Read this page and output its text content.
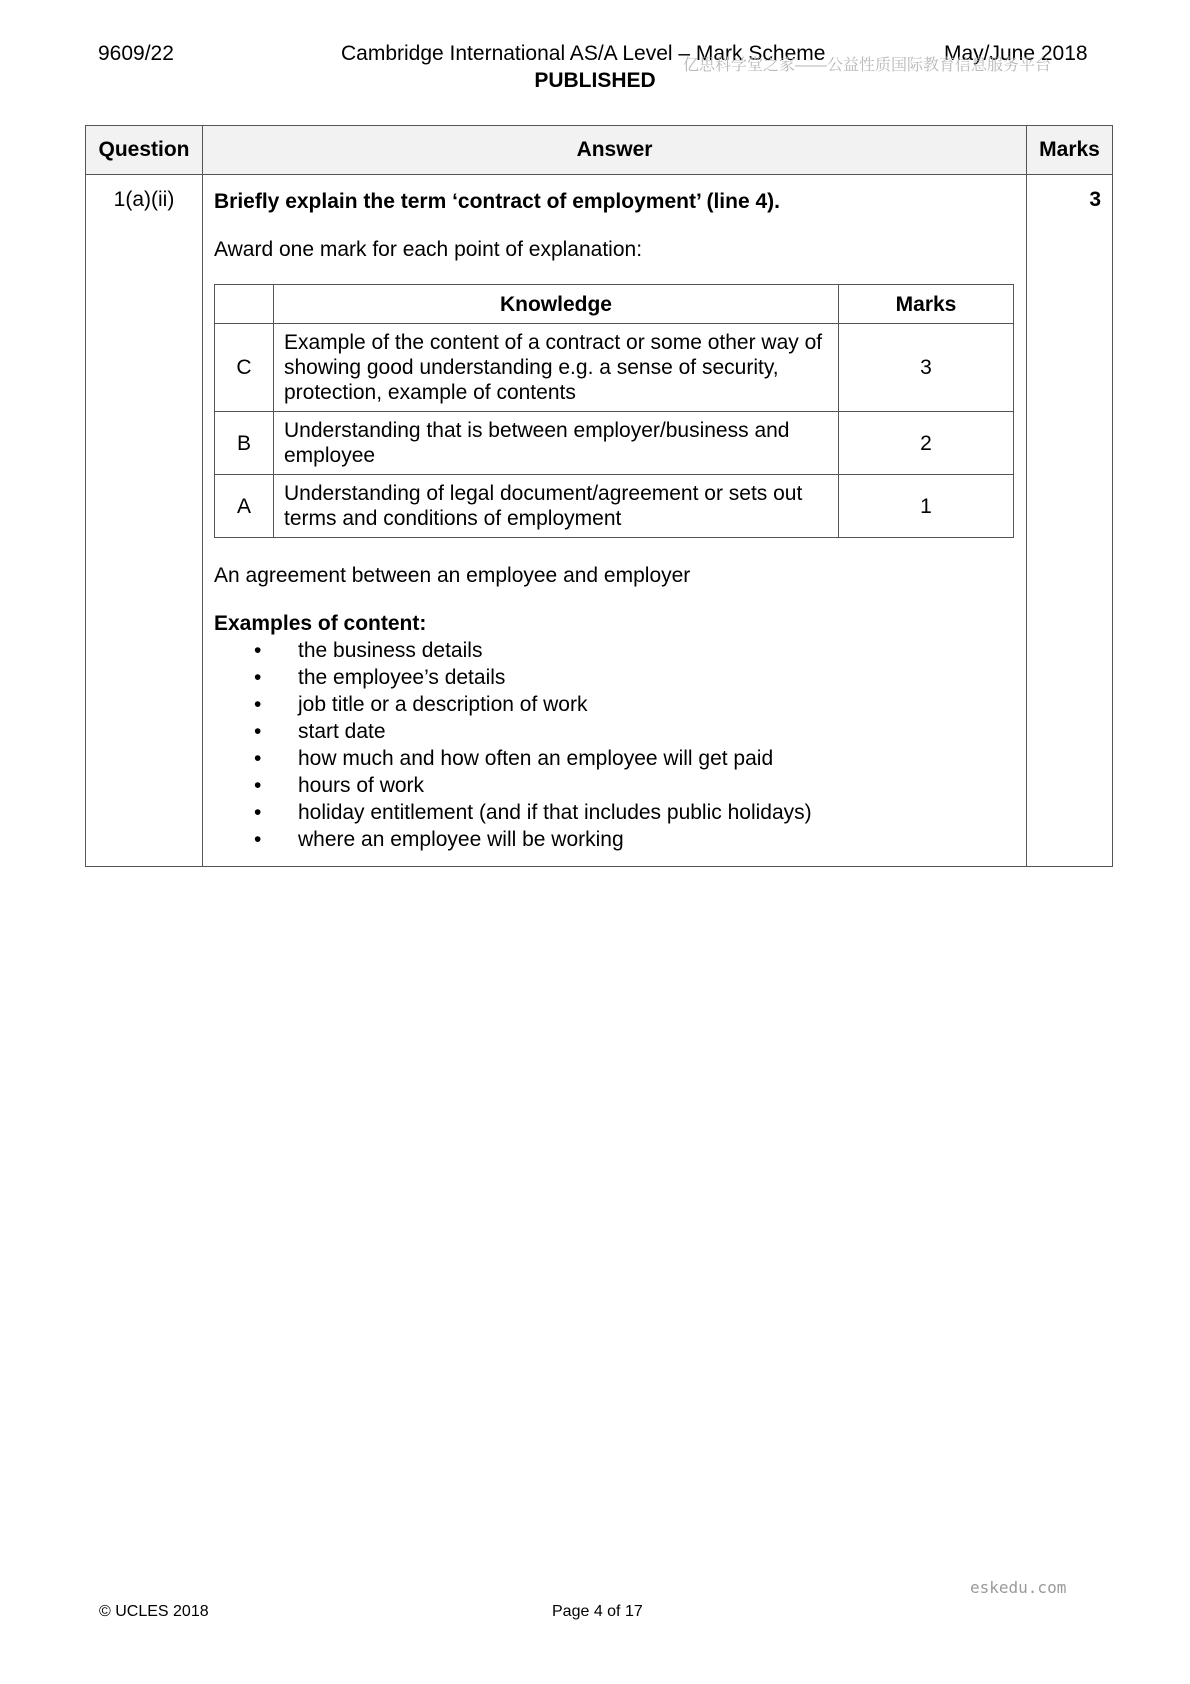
9609/22	Cambridge International AS/A Level – Mark Scheme	May/June 2018
PUBLISHED
亿思科学堂之家——公益性质国际教育信息服务平台
Question	Answer	Marks
1(a)(ii)	Briefly explain the term ‘contract of employment’ (line 4).

Award one mark for each point of explanation:

	Knowledge	Marks
C	Example of the content of a contract or some other way of showing good understanding e.g. a sense of security, protection, example of contents	3
B	Understanding that is between employer/business and employee	2
A	Understanding of legal document/agreement or sets out terms and conditions of employment	1

An agreement between an employee and employer

Examples of content:

• the business details
• the employee’s details
• job title or a description of work
• start date
• how much and how often an employee will get paid
• hours of work
• holiday entitlement (and if that includes public holidays)
• where an employee will be working
	3
eskedu.com
© UCLES 2018	Page 4 of 17
